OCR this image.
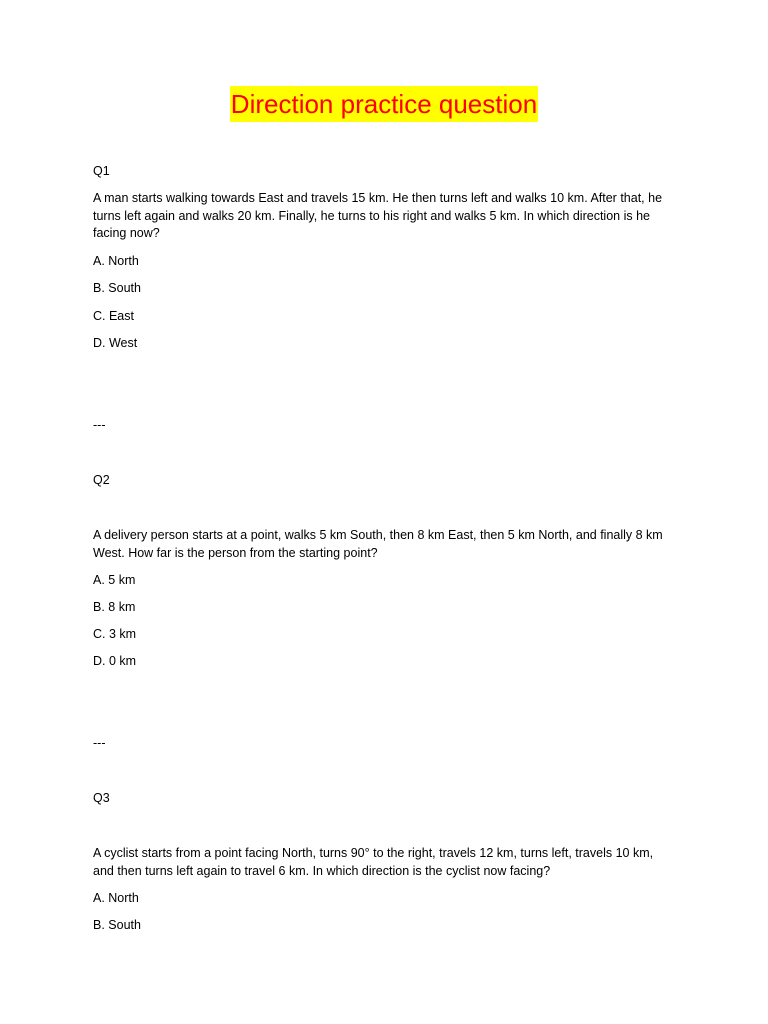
Direction practice question
Q1
A man starts walking towards East and travels 15 km. He then turns left and walks 10 km. After that, he turns left again and walks 20 km. Finally, he turns to his right and walks 5 km. In which direction is he facing now?
A. North
B. South
C. East
D. West
---
Q2
A delivery person starts at a point, walks 5 km South, then 8 km East, then 5 km North, and finally 8 km West. How far is the person from the starting point?
A. 5 km
B. 8 km
C. 3 km
D. 0 km
---
Q3
A cyclist starts from a point facing North, turns 90° to the right, travels 12 km, turns left, travels 10 km, and then turns left again to travel 6 km. In which direction is the cyclist now facing?
A. North
B. South
